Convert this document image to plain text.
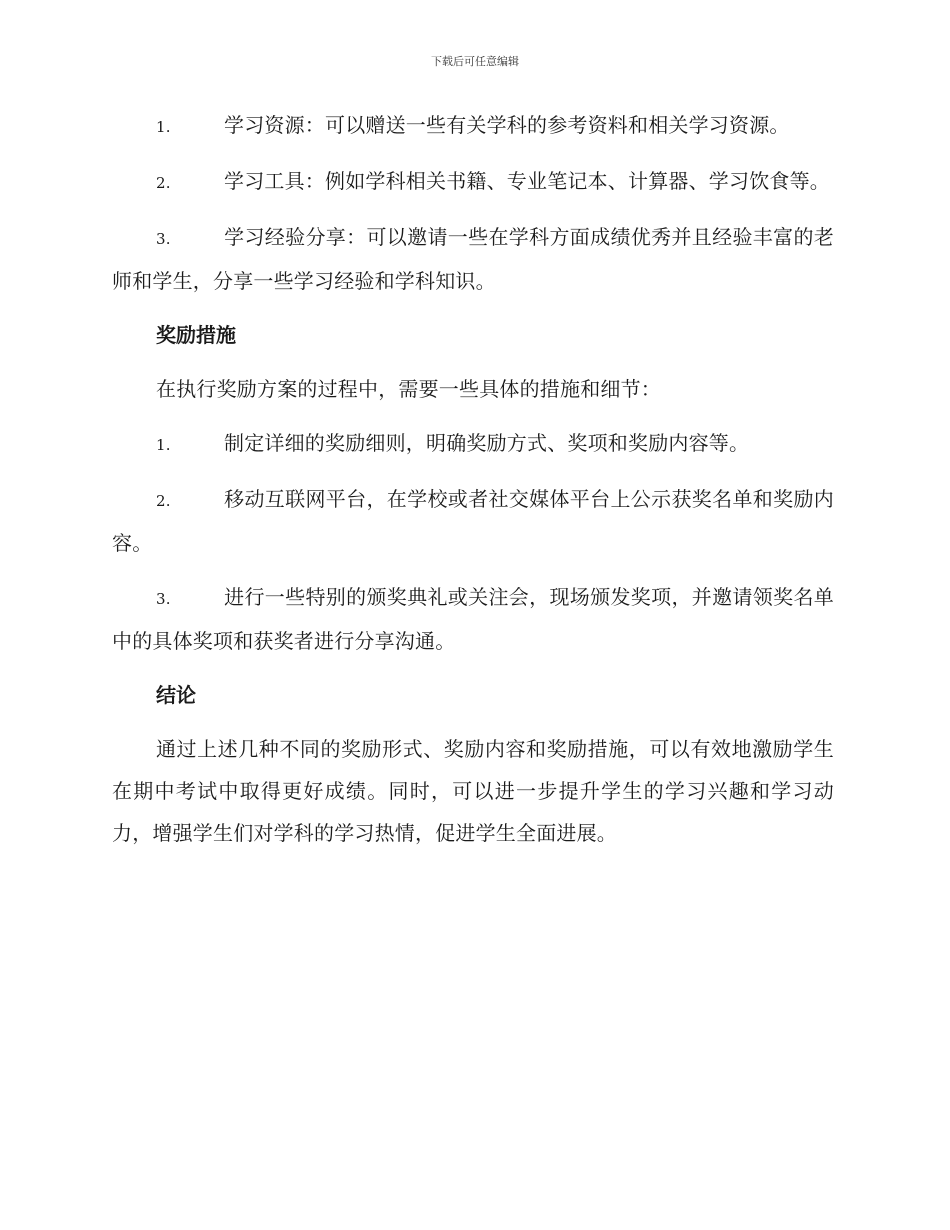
下载后可任意编辑

1.	学习资源：可以赠送一些有关学科的参考资料和相关学习资源。

2.	学习工具：例如学科相关书籍、专业笔记本、计算器、学习饮食等。

3.	学习经验分享：可以邀请一些在学科方面成绩优秀并且经验丰富的老师和学生，分享一些学习经验和学科知识。

奖励措施

在执行奖励方案的过程中，需要一些具体的措施和细节：

1.	制定详细的奖励细则，明确奖励方式、奖项和奖励内容等。

2.	移动互联网平台，在学校或者社交媒体平台上公示获奖名单和奖励内容。

3.	进行一些特别的颁奖典礼或关注会，现场颁发奖项，并邀请领奖名单中的具体奖项和获奖者进行分享沟通。

结论

通过上述几种不同的奖励形式、奖励内容和奖励措施，可以有效地激励学生在期中考试中取得更好成绩。同时，可以进一步提升学生的学习兴趣和学习动力，增强学生们对学科的学习热情，促进学生全面进展。
